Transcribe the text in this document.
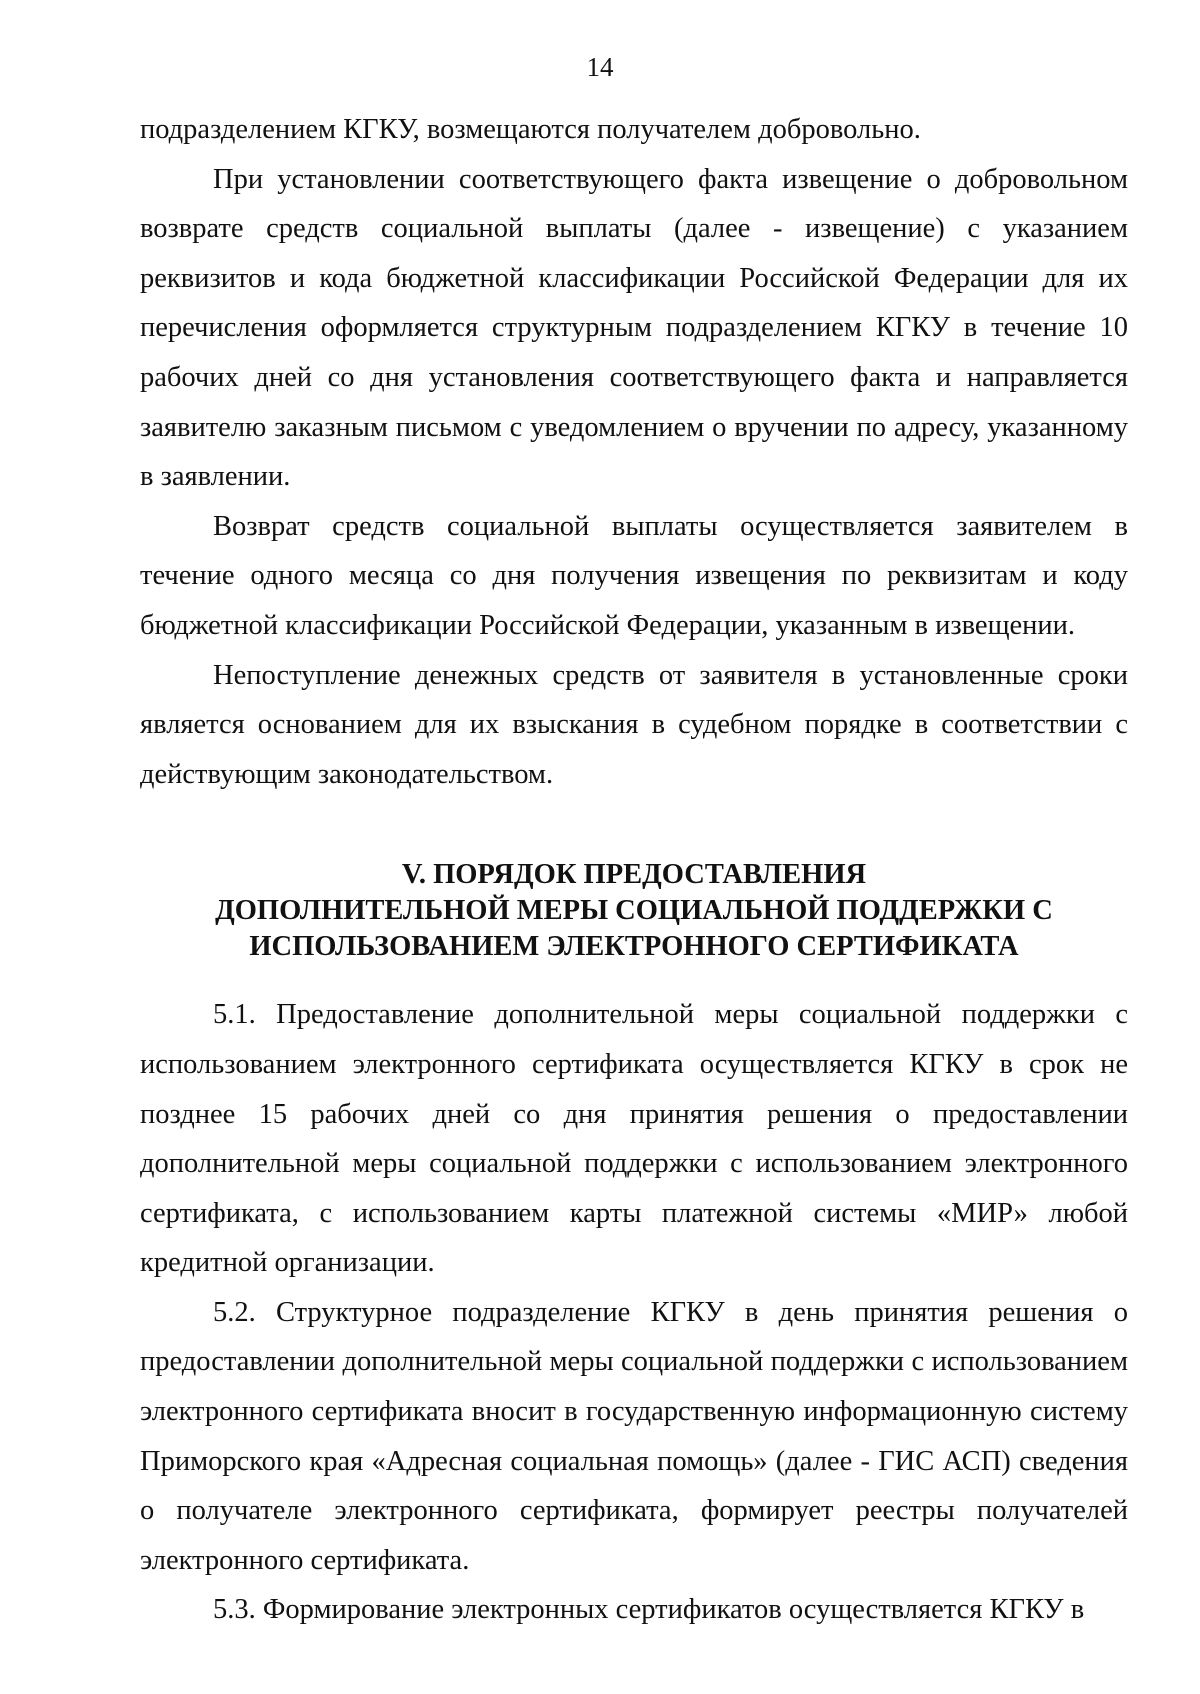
14

подразделением КГКУ, возмещаются получателем добровольно.

При установлении соответствующего факта извещение о добровольном возврате средств социальной выплаты (далее - извещение) с указанием реквизитов и кода бюджетной классификации Российской Федерации для их перечисления оформляется структурным подразделением КГКУ в течение 10 рабочих дней со дня установления соответствующего факта и направляется заявителю заказным письмом с уведомлением о вручении по адресу, указанному в заявлении.

Возврат средств социальной выплаты осуществляется заявителем в течение одного месяца со дня получения извещения по реквизитам и коду бюджетной классификации Российской Федерации, указанным в извещении.

Непоступление денежных средств от заявителя в установленные сроки является основанием для их взыскания в судебном порядке в соответствии с действующим законодательством.

V. ПОРЯДОК ПРЕДОСТАВЛЕНИЯ
ДОПОЛНИТЕЛЬНОЙ МЕРЫ СОЦИАЛЬНОЙ ПОДДЕРЖКИ С
ИСПОЛЬЗОВАНИЕМ ЭЛЕКТРОННОГО СЕРТИФИКАТА

5.1. Предоставление дополнительной меры социальной поддержки с использованием электронного сертификата осуществляется КГКУ в срок не позднее 15 рабочих дней со дня принятия решения о предоставлении дополнительной меры социальной поддержки с использованием электронного сертификата, с использованием карты платежной системы «МИР» любой кредитной организации.

5.2. Структурное подразделение КГКУ в день принятия решения о предоставлении дополнительной меры социальной поддержки с использованием электронного сертификата вносит в государственную информационную систему Приморского края «Адресная социальная помощь» (далее - ГИС АСП) сведения о получателе электронного сертификата, формирует реестры получателей электронного сертификата.

5.3. Формирование электронных сертификатов осуществляется КГКУ в
